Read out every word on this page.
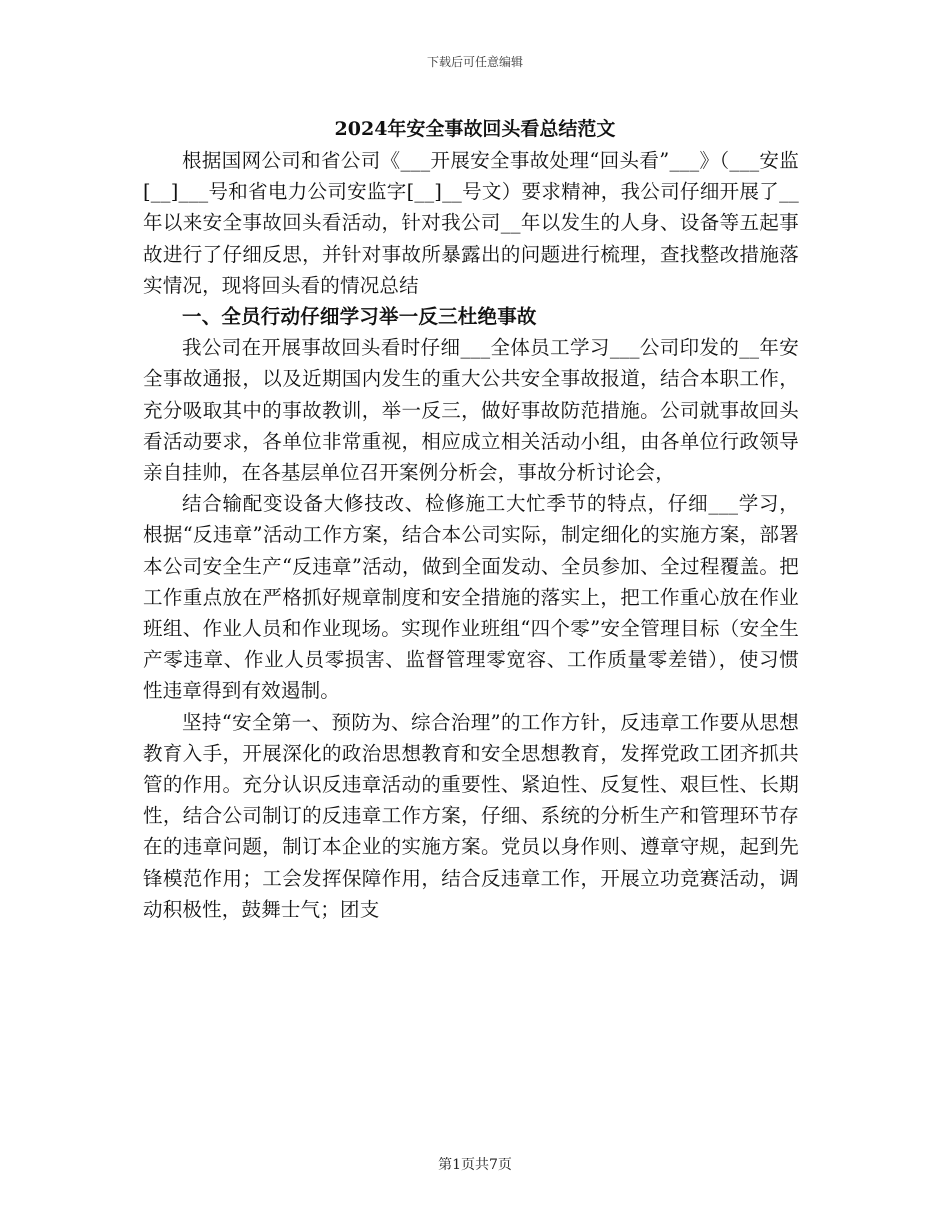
下载后可任意编辑
2024年安全事故回头看总结范文

根据国网公司和省公司《___开展安全事故处理“回头看”___》（___安监[__]___号和省电力公司安监字[__]__号文）要求精神，我公司仔细开展了__年以来安全事故回头看活动，针对我公司__年以发生的人身、设备等五起事故进行了仔细反思，并针对事故所暴露出的问题进行梳理，查找整改措施落实情况，现将回头看的情况总结

一、全员行动仔细学习举一反三杜绝事故

我公司在开展事故回头看时仔细___全体员工学习___公司印发的__年安全事故通报，以及近期国内发生的重大公共安全事故报道，结合本职工作，充分吸取其中的事故教训，举一反三，做好事故防范措施。公司就事故回头看活动要求，各单位非常重视，相应成立相关活动小组，由各单位行政领导亲自挂帅，在各基层单位召开案例分析会，事故分析讨论会，

结合输配变设备大修技改、检修施工大忙季节的特点，仔细___学习，根据“反违章”活动工作方案，结合本公司实际，制定细化的实施方案，部署本公司安全生产“反违章”活动，做到全面发动、全员参加、全过程覆盖。把工作重点放在严格抓好规章制度和安全措施的落实上，把工作重心放在作业班组、作业人员和作业现场。实现作业班组“四个零”安全管理目标（安全生产零违章、作业人员零损害、监督管理零宽容、工作质量零差错），使习惯性违章得到有效遏制。

坚持“安全第一、预防为、综合治理”的工作方针，反违章工作要从思想教育入手，开展深化的政治思想教育和安全思想教育，发挥党政工团齐抓共管的作用。充分认识反违章活动的重要性、紧迫性、反复性、艰巨性、长期性，结合公司制订的反违章工作方案，仔细、系统的分析生产和管理环节存在的违章问题，制订本企业的实施方案。党员以身作则、遵章守规，起到先锋模范作用；工会发挥保障作用，结合反违章工作，开展立功竞赛活动，调动积极性，鼓舞士气；团支

第1页共7页
